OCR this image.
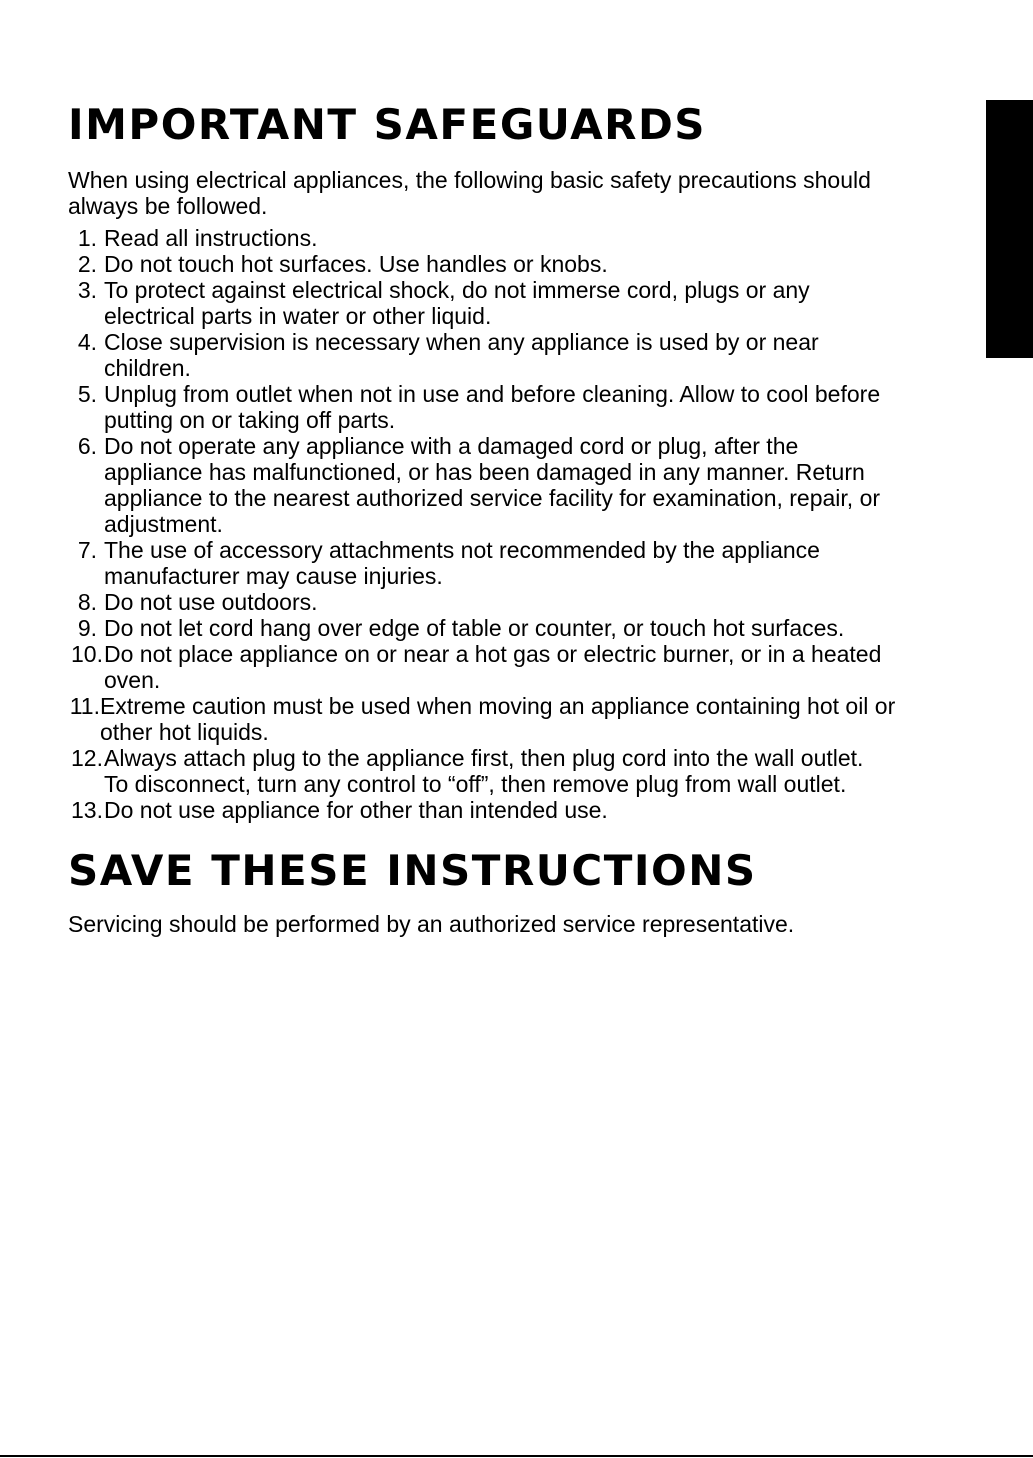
IMPORTANT SAFEGUARDS

When using electrical appliances, the following basic safety precautions should
always be followed.

1. Read all instructions.
2. Do not touch hot surfaces. Use handles or knobs.
3. To protect against electrical shock, do not immerse cord, plugs or any
electrical parts in water or other liquid.
4. Close supervision is necessary when any appliance is used by or near
children.
5. Unplug from outlet when not in use and before cleaning. Allow to cool before
putting on or taking off parts.
6. Do not operate any appliance with a damaged cord or plug, after the
appliance has malfunctioned, or has been damaged in any manner. Return
appliance to the nearest authorized service facility for examination, repair, or
adjustment.
7. The use of accessory attachments not recommended by the appliance
manufacturer may cause injuries.
8. Do not use outdoors.
9. Do not let cord hang over edge of table or counter, or touch hot surfaces.
10. Do not place appliance on or near a hot gas or electric burner, or in a heated
oven.
11. Extreme caution must be used when moving an appliance containing hot oil or
other hot liquids.
12. Always attach plug to the appliance first, then plug cord into the wall outlet.
To disconnect, turn any control to “off”, then remove plug from wall outlet.
13. Do not use appliance for other than intended use.
SAVE THESE INSTRUCTIONS

Servicing should be performed by an authorized service representative.
